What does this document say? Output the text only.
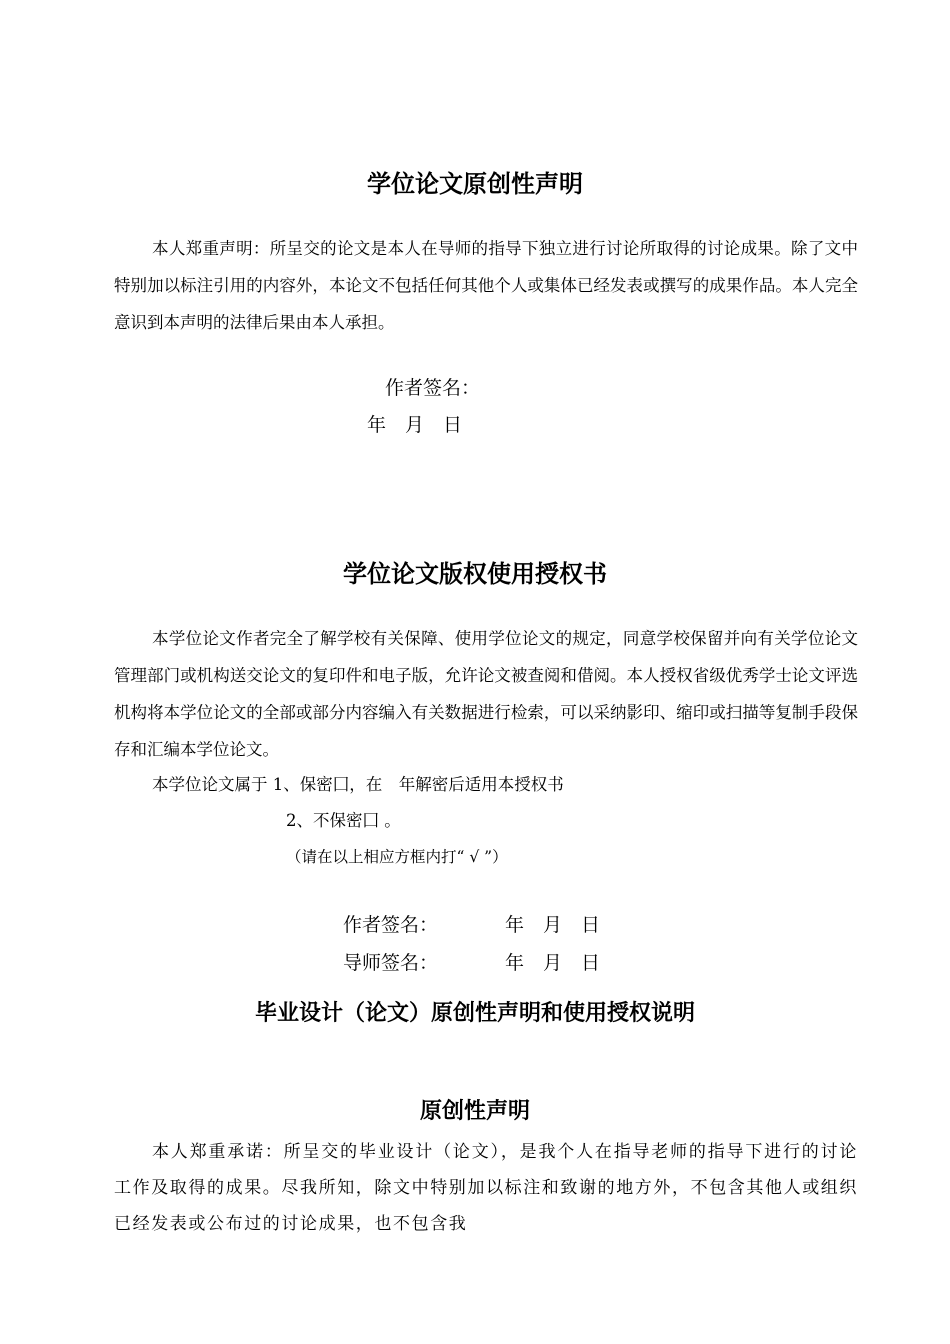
学位论文原创性声明
本人郑重声明：所呈交的论文是本人在导师的指导下独立进行讨论所取得的讨论成果。除了文中特别加以标注引用的内容外，本论文不包括任何其他个人或集体已经发表或撰写的成果作品。本人完全意识到本声明的法律后果由本人承担。
作者签名：
年　月　日
学位论文版权使用授权书
本学位论文作者完全了解学校有关保障、使用学位论文的规定，同意学校保留并向有关学位论文管理部门或机构送交论文的复印件和电子版，允许论文被查阅和借阅。本人授权省级优秀学士论文评选机构将本学位论文的全部或部分内容编入有关数据进行检索，可以采纳影印、缩印或扫描等复制手段保存和汇编本学位论文。
本学位论文属于 1、保密囗，在　年解密后适用本授权书
2、不保密囗 。
（请在以上相应方框内打“ √ ”）
作者签名：	年　月　日
导师签名：	年　月　日
毕业设计（论文）原创性声明和使用授权说明
原创性声明
本人郑重承诺：所呈交的毕业设计（论文），是我个人在指导老师的指导下进行的讨论工作及取得的成果。尽我所知，除文中特别加以标注和致谢的地方外，不包含其他人或组织已经发表或公布过的讨论成果，也不包含我
